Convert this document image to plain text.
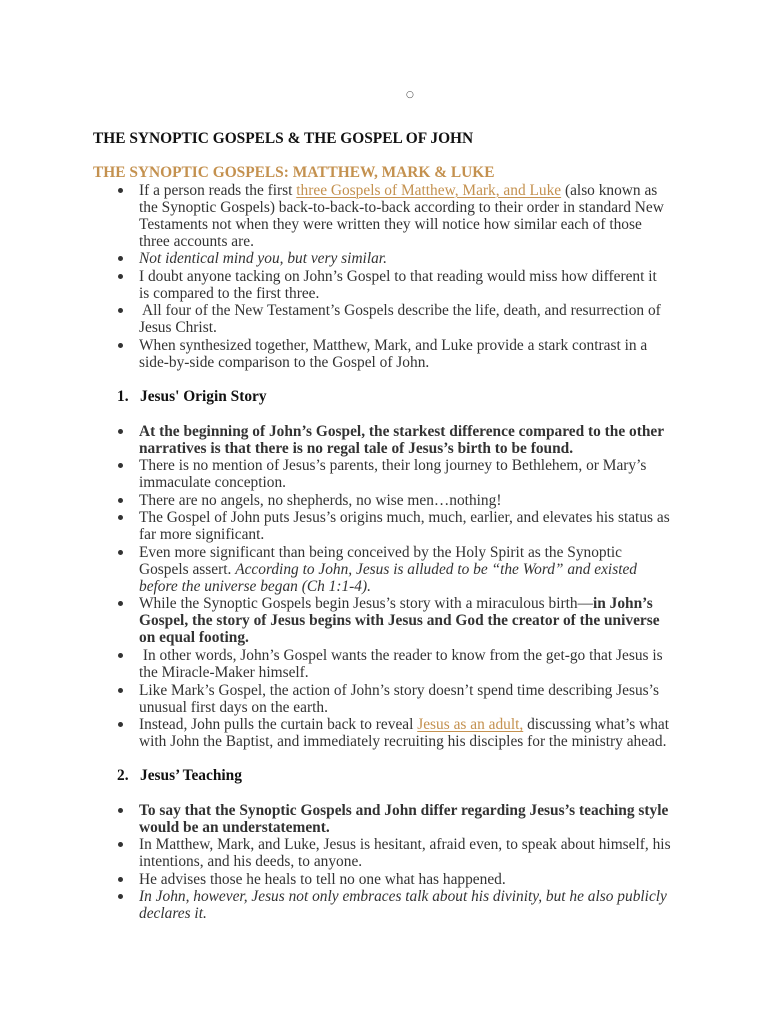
○
THE SYNOPTIC GOSPELS & THE GOSPEL OF JOHN
THE SYNOPTIC GOSPELS: MATTHEW, MARK & LUKE
If a person reads the first three Gospels of Matthew, Mark, and Luke (also known as
the Synoptic Gospels) back-to-back-to-back according to their order in standard New
Testaments not when they were written they will notice how similar each of those
three accounts are.
Not identical mind you, but very similar.
I doubt anyone tacking on John’s Gospel to that reading would miss how different it
is compared to the first three.
All four of the New Testament’s Gospels describe the life, death, and resurrection of
Jesus Christ.
When synthesized together, Matthew, Mark, and Luke provide a stark contrast in a
side-by-side comparison to the Gospel of John.
1. Jesus' Origin Story
At the beginning of John’s Gospel, the starkest difference compared to the other
narratives is that there is no regal tale of Jesus’s birth to be found.
There is no mention of Jesus’s parents, their long journey to Bethlehem, or Mary’s
immaculate conception.
There are no angels, no shepherds, no wise men…nothing!
The Gospel of John puts Jesus’s origins much, much, earlier, and elevates his status as
far more significant.
Even more significant than being conceived by the Holy Spirit as the Synoptic
Gospels assert. According to John, Jesus is alluded to be “the Word” and existed
before the universe began (Ch 1:1-4).
While the Synoptic Gospels begin Jesus’s story with a miraculous birth—in John’s
Gospel, the story of Jesus begins with Jesus and God the creator of the universe
on equal footing.
In other words, John’s Gospel wants the reader to know from the get-go that Jesus is
the Miracle-Maker himself.
Like Mark’s Gospel, the action of John’s story doesn’t spend time describing Jesus’s
unusual first days on the earth.
Instead, John pulls the curtain back to reveal Jesus as an adult, discussing what’s what
with John the Baptist, and immediately recruiting his disciples for the ministry ahead.
2. Jesus’ Teaching
To say that the Synoptic Gospels and John differ regarding Jesus’s teaching style
would be an understatement.
In Matthew, Mark, and Luke, Jesus is hesitant, afraid even, to speak about himself, his
intentions, and his deeds, to anyone.
He advises those he heals to tell no one what has happened.
In John, however, Jesus not only embraces talk about his divinity, but he also publicly
declares it.
